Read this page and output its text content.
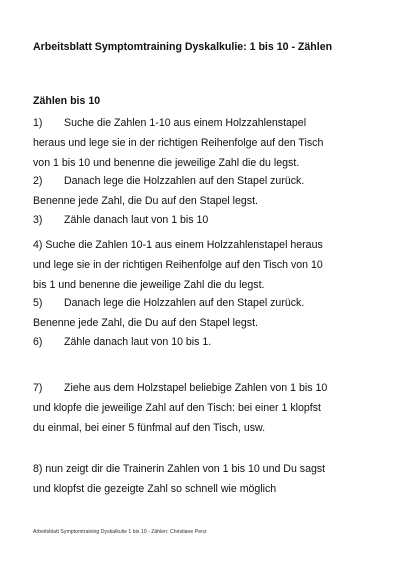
Arbeitsblatt Symptomtraining Dyskalkulie: 1 bis 10 - Zählen
Zählen bis 10
1) Suche die Zahlen 1-10 aus einem Holzzahlenstapel
heraus und lege sie in der richtigen Reihenfolge auf den Tisch
von 1 bis 10 und benenne die jeweilige Zahl die du legst.
2) Danach lege die Holzzahlen auf den Stapel zurück.
Benenne jede Zahl, die Du auf den Stapel legst.
3) Zähle danach laut von 1 bis 10
4) Suche die Zahlen 10-1 aus einem Holzzahlenstapel heraus
und lege sie in der richtigen Reihenfolge auf den Tisch von 10
bis 1 und benenne die jeweilige Zahl die du legst.
5) Danach lege die Holzzahlen auf den Stapel zurück.
Benenne jede Zahl, die Du auf den Stapel legst.
6) Zähle danach laut von 10 bis 1.
7) Ziehe aus dem Holzstapel beliebige Zahlen von 1 bis 10
und klopfe die jeweilige Zahl auf den Tisch: bei einer 1 klopfst
du einmal, bei einer 5 fünfmal auf den Tisch, usw.
8) nun zeigt dir die Trainerin Zahlen von 1 bis 10 und Du sagst
und klopfst die gezeigte Zahl so schnell wie möglich
Arbeitsblatt Symptomtraining Dyskalkulie 1 bis 10 - Zählen: Christiane Penz
